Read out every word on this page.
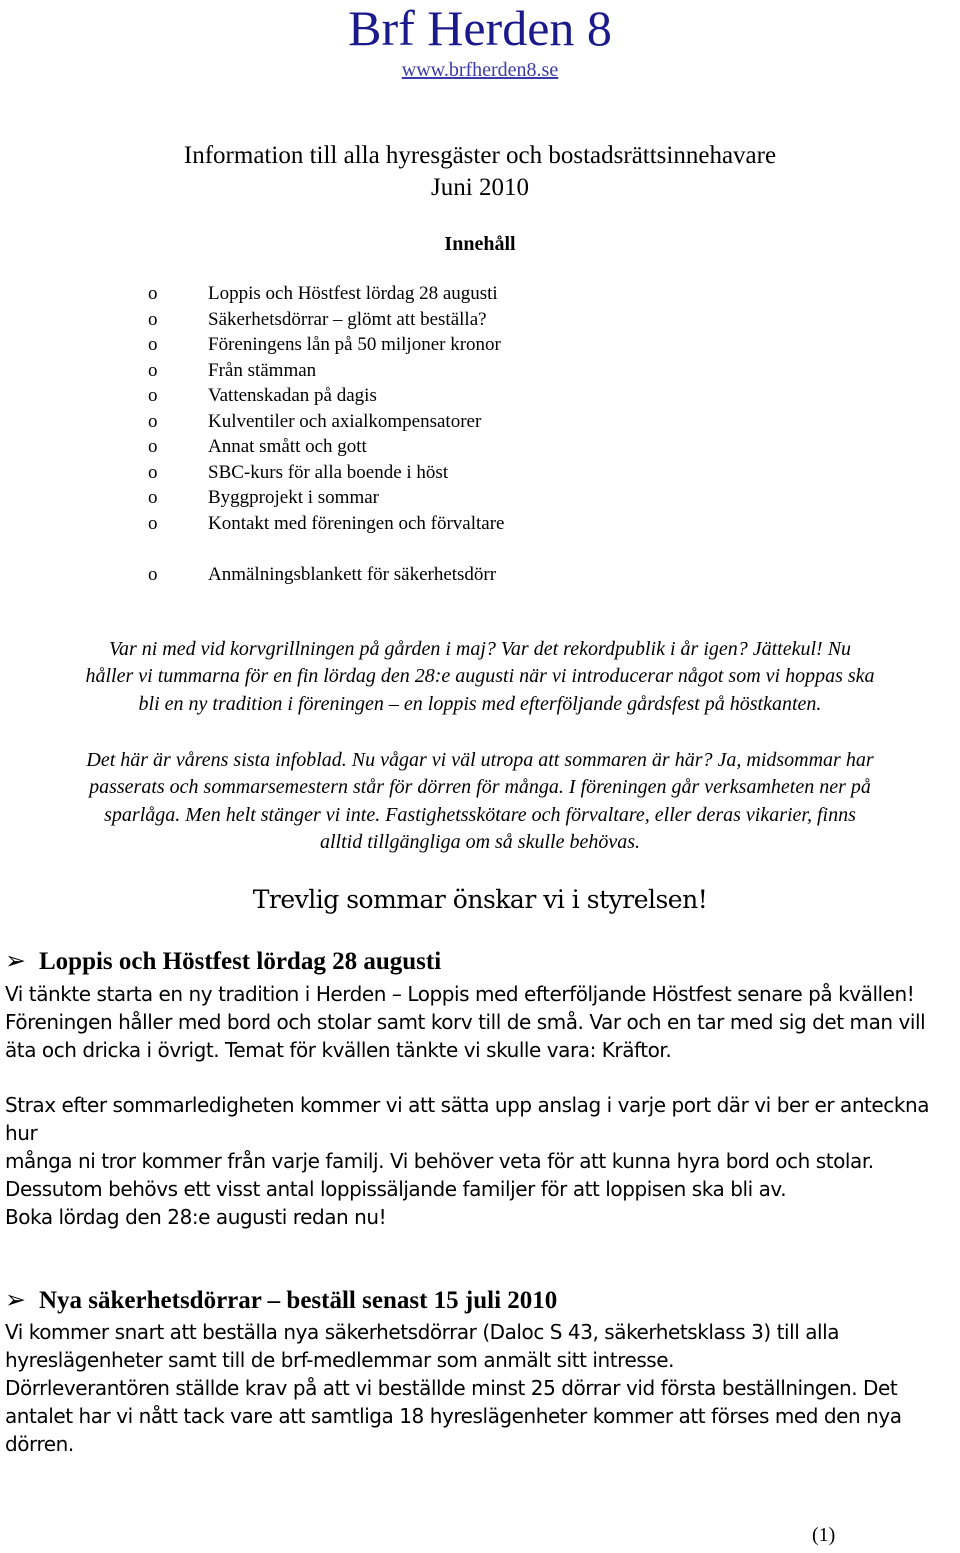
Brf Herden 8
www.brfherden8.se
Information till alla hyresgäster och bostadsrättsinnehavare
Juni 2010
Innehåll
o	Loppis och Höstfest lördag 28 augusti
o	Säkerhetsdörrar – glömt att beställa?
o	Föreningens lån på 50 miljoner kronor
o	Från stämman
o	Vattenskadan på dagis
o	Kulventiler och axialkompensatorer
o	Annat smått och gott
o	SBC-kurs för alla boende i höst
o	Byggprojekt i sommar
o	Kontakt med föreningen och förvaltare
o	Anmälningsblankett för säkerhetsdörr
Var ni med vid korvgrillningen på gården i maj? Var det rekordpublik i år igen? Jättekul! Nu
håller vi tummarna för en fin lördag den 28:e augusti när vi introducerar något som vi hoppas ska
bli en ny tradition i föreningen – en loppis med efterföljande gårdsfest på höstkanten.
Det här är vårens sista infoblad. Nu vågar vi väl utropa att sommaren är här? Ja, midsommar har
passerats och sommarsemestern står för dörren för många. I föreningen går verksamheten ner på
sparlåga. Men helt stänger vi inte. Fastighetsskötare och förvaltare, eller deras vikarier, finns
alltid tillgängliga om så skulle behövas.
Trevlig sommar önskar vi i styrelsen!
➢ Loppis och Höstfest lördag 28 augusti
Vi tänkte starta en ny tradition i Herden – Loppis med efterföljande Höstfest senare på kvällen!
Föreningen håller med bord och stolar samt korv till de små. Var och en tar med sig det man vill
äta och dricka i övrigt. Temat för kvällen tänkte vi skulle vara: Kräftor.
Strax efter sommarledigheten kommer vi att sätta upp anslag i varje port där vi ber er anteckna hur
många ni tror kommer från varje familj. Vi behöver veta för att kunna hyra bord och stolar.
Dessutom behövs ett visst antal loppissäljande familjer för att loppisen ska bli av.
Boka lördag den 28:e augusti redan nu!
➢ Nya säkerhetsdörrar – beställ senast 15 juli 2010
Vi kommer snart att beställa nya säkerhetsdörrar (Daloc S 43, säkerhetsklass 3) till alla
hyreslägenheter samt till de brf-medlemmar som anmält sitt intresse.
Dörrleverantören ställde krav på att vi beställde minst 25 dörrar vid första beställningen. Det
antalet har vi nått tack vare att samtliga 18 hyreslägenheter kommer att förses med den nya dörren.
(1)
